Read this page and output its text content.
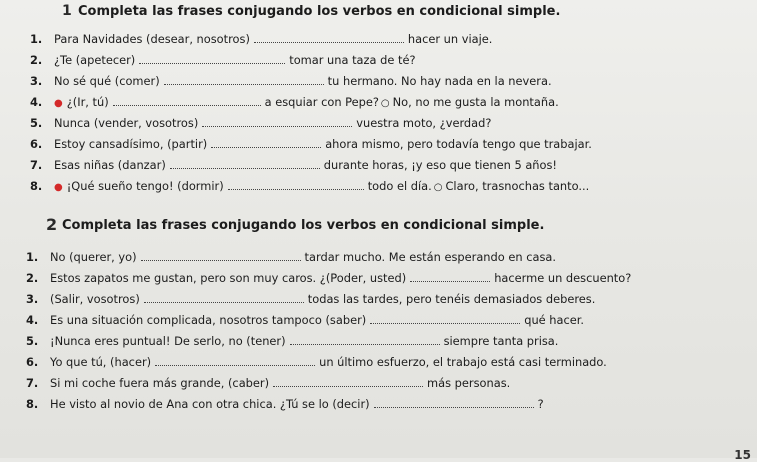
1 Completa las frases conjugando los verbos en condicional simple.
1.	Para Navidades (desear, nosotros)	hacer un viaje.
2.	¿Te (apetecer)	tomar una taza de té?
3.	No sé qué (comer)	tu hermano. No hay nada en la nevera.
4.	● ¿(Ir, tú)	a esquiar con Pepe? ○ No, no me gusta la montaña.
5.	Nunca (vender, vosotros)	vuestra moto, ¿verdad?
6.	Estoy cansadísimo, (partir)	ahora mismo, pero todavía tengo que trabajar.
7.	Esas niñas (danzar)	durante horas, ¡y eso que tienen 5 años!
8.	● ¡Qué sueño tengo! (dormir)	todo el día. ○ Claro, trasnochas tanto...
2 Completa las frases conjugando los verbos en condicional simple.
1.	No (querer, yo)	tardar mucho. Me están esperando en casa.
2.	Estos zapatos me gustan, pero son muy caros. ¿(Poder, usted)	hacerme un descuento?
3.	(Salir, vosotros)	todas las tardes, pero tenéis demasiados deberes.
4.	Es una situación complicada, nosotros tampoco (saber)	qué hacer.
5.	¡Nunca eres puntual! De serlo, no (tener)	siempre tanta prisa.
6.	Yo que tú, (hacer)	un último esfuerzo, el trabajo está casi terminado.
7.	Si mi coche fuera más grande, (caber)	más personas.
8.	He visto al novio de Ana con otra chica. ¿Tú se lo (decir)	?
15
